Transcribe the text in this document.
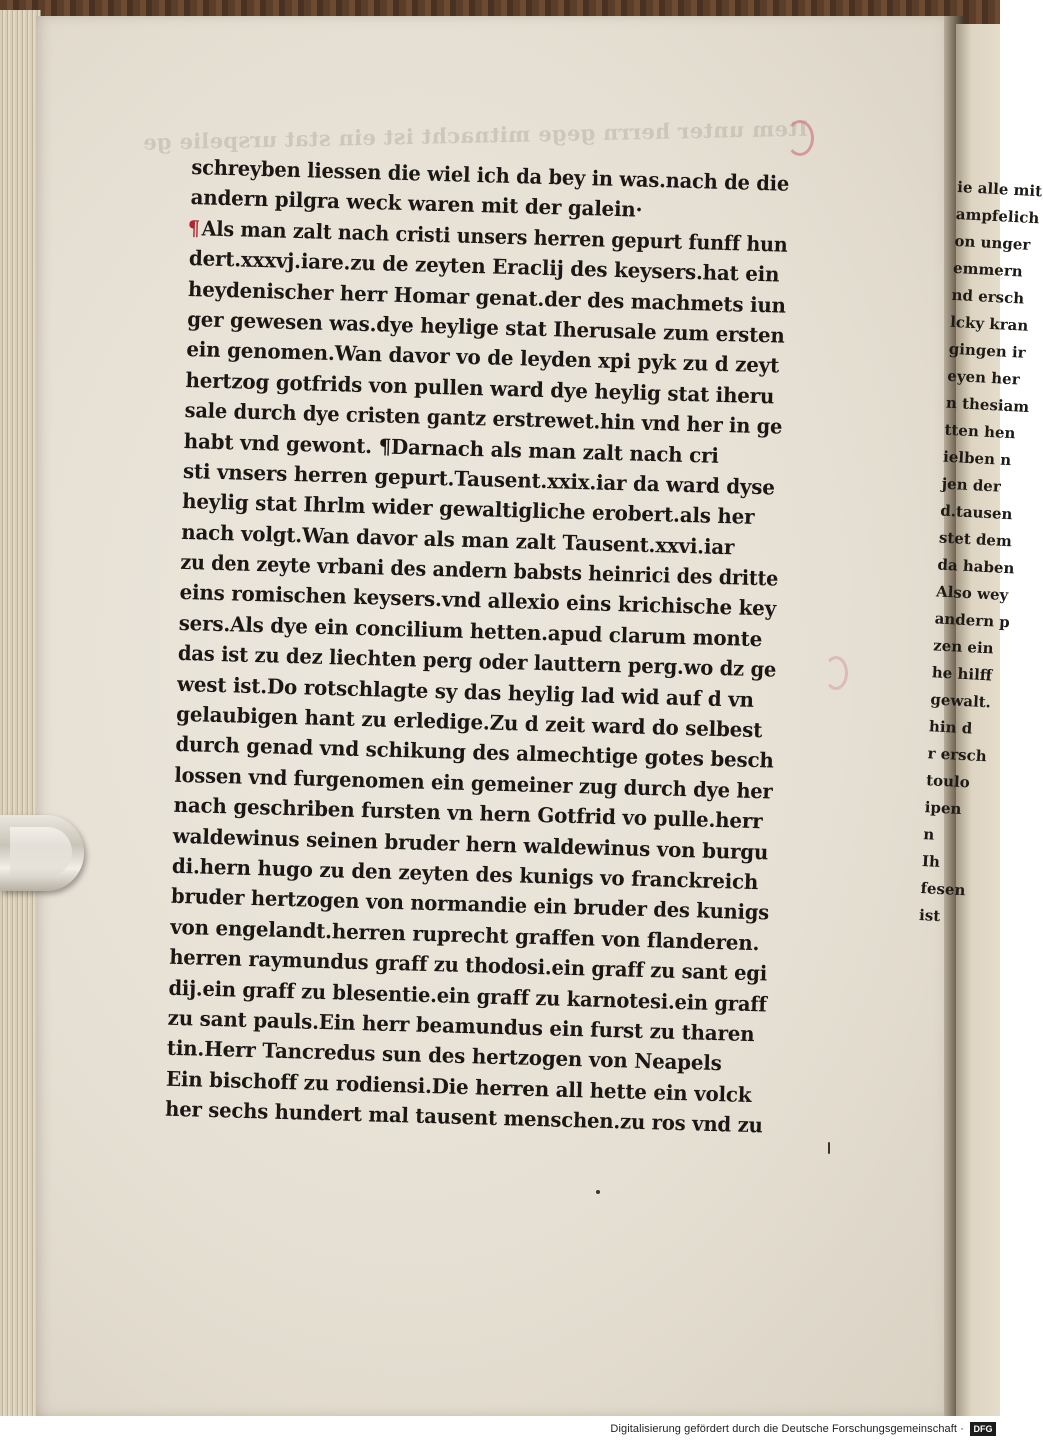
ie alle mit
ampfelich
on unger
emmern
nd ersch
lcky kran
gingen ir
eyen her
n thesiam
tten hen
ielben n
jen der
d.tausen
stet dem
da haben
Also wey
andern p
zen ein
he hilff
gewalt.
hin d
r ersch
toulo
ipen
n
Ih
fesen
ist
Item unter herrn gege mitnacht ist ein stat urspelie ge
schreyben liessen die wiel ich da bey in was.nach de die
andern pilgra weck waren mit der galein·
¶Als man zalt nach cristi unsers herren gepurt funff hun
dert.xxxvj.iare.zu de zeyten Eraclij des keysers.hat ein
heydenischer herr Homar genat.der des machmets iun
ger gewesen was.dye heylige stat Iherusale zum ersten
ein genomen.Wan davor vo de leyden xpi pyk zu d zeyt
hertzog gotfrids von pullen ward dye heylig stat iheru
sale durch dye cristen gantz erstrewet.hin vnd her in ge
habt vnd gewont. ¶Darnach als man zalt nach cri
sti vnsers herren gepurt.Tausent.xxix.iar da ward dyse
heylig stat Ihrlm wider gewaltigliche erobert.als her
nach volgt.Wan davor als man zalt Tausent.xxvi.iar
zu den zeyte vrbani des andern babsts heinrici des dritte
eins romischen keysers.vnd allexio eins krichische key
sers.Als dye ein concilium hetten.apud clarum monte
das ist zu dez liechten perg oder lauttern perg.wo dz ge
west ist.Do rotschlagte sy das heylig lad wid auf d vn
gelaubigen hant zu erledige.Zu d zeit ward do selbest
durch genad vnd schikung des almechtige gotes besch
lossen vnd furgenomen ein gemeiner zug durch dye her
nach geschriben fursten vn hern Gotfrid vo pulle.herr
waldewinus seinen bruder hern waldewinus von burgu
di.hern hugo zu den zeyten des kunigs vo franckreich
bruder hertzogen von normandie ein bruder des kunigs
von engelandt.herren ruprecht graffen von flanderen.
herren raymundus graff zu thodosi.ein graff zu sant egi
dij.ein graff zu blesentie.ein graff zu karnotesi.ein graff
zu sant pauls.Ein herr beamundus ein furst zu tharen
tin.Herr Tancredus sun des hertzogen von Neapels
Ein bischoff zu rodiensi.Die herren all hette ein volck
her sechs hundert mal tausent menschen.zu ros vnd zu
Digitalisierung gefördert durch die Deutsche Forschungsgemeinschaft ·	DFG
